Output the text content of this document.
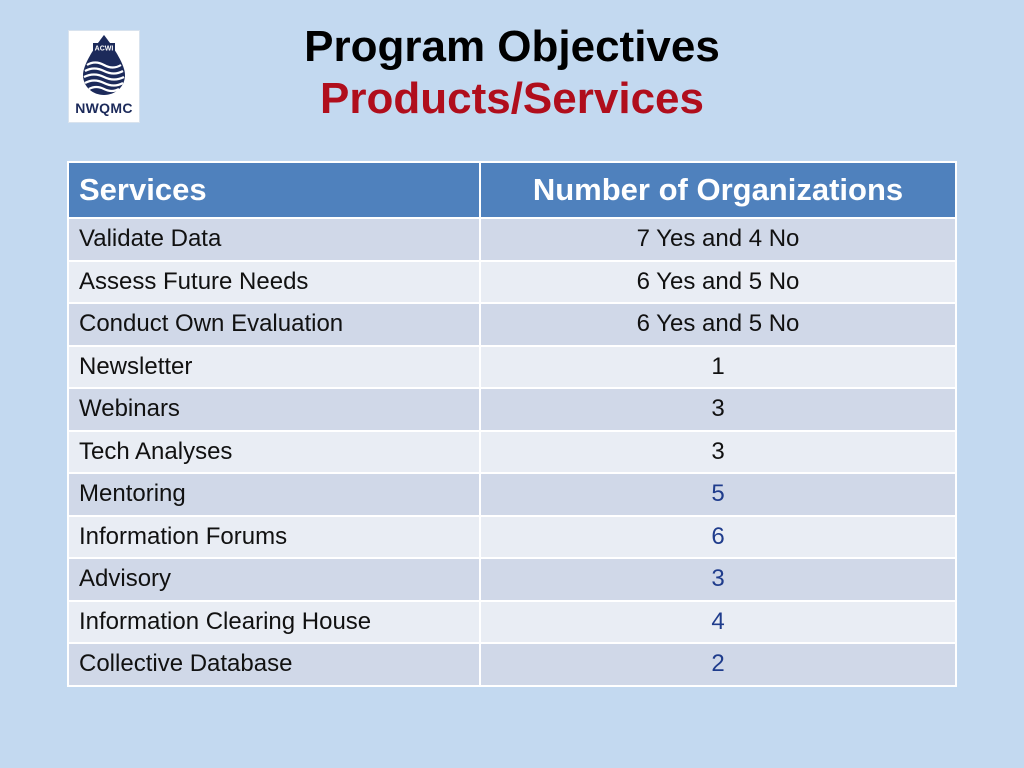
ACWI
NWQMC
Program Objectives
Products/Services
Services	Number of Organizations
Validate Data	7 Yes and 4 No
Assess Future Needs	6 Yes and 5 No
Conduct Own Evaluation	6 Yes and 5 No
Newsletter	1
Webinars	3
Tech Analyses	3
Mentoring	5
Information Forums	6
Advisory	3
Information Clearing House	4
Collective Database	2
